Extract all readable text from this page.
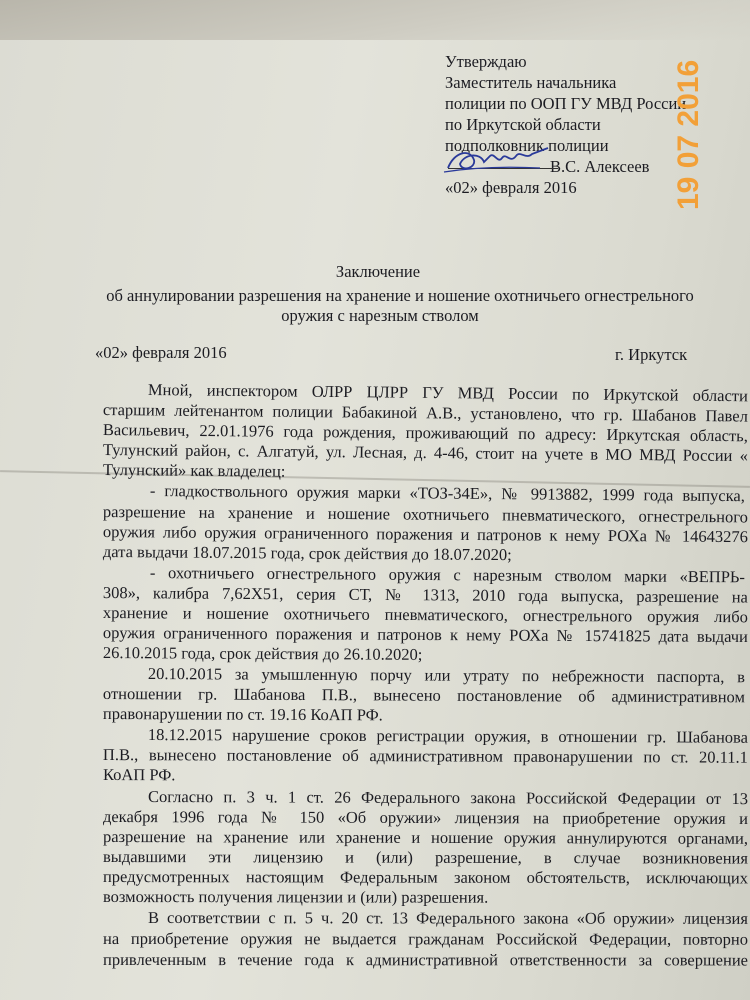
Утверждаю
Заместитель начальника
полиции по ООП ГУ МВД России
по Иркутской области
подполковник полиции
В.С. Алексеев
«02» февраля 2016	19 07 2016
Заключение
об аннулировании разрешения на хранение и ношение охотничьего огнестрельного
оружия с нарезным стволом
«02» февраля 2016	г. Иркутск
Мной, инспектором ОЛРР ЦЛРР ГУ МВД России по Иркутской области
старшим лейтенантом полиции Бабакиной А.В., установлено, что гр. Шабанов Павел
Васильевич, 22.01.1976 года рождения, проживающий по адресу: Иркутская область,
Тулунский район, с. Алгатуй, ул. Лесная, д. 4-46, стоит на учете в МО МВД России «
Тулунский» как владелец:
- гладкоствольного оружия марки «ТОЗ-34Е», № 9913882, 1999 года выпуска,
разрешение на хранение и ношение охотничьего пневматического, огнестрельного
оружия либо оружия ограниченного поражения и патронов к нему РОХа № 14643276
дата выдачи 18.07.2015 года, срок действия до 18.07.2020;
- охотничьего огнестрельного оружия с нарезным стволом марки «ВЕПРЬ-
308», калибра 7,62Х51, серия СТ, № 1313, 2010 года выпуска, разрешение на
хранение и ношение охотничьего пневматического, огнестрельного оружия либо
оружия ограниченного поражения и патронов к нему РОХа № 15741825 дата выдачи
26.10.2015 года, срок действия до 26.10.2020;
20.10.2015 за умышленную порчу или утрату по небрежности паспорта, в
отношении гр. Шабанова П.В., вынесено постановление об административном
правонарушении по ст. 19.16 КоАП РФ.
18.12.2015 нарушение сроков регистрации оружия, в отношении гр. Шабанова
П.В., вынесено постановление об административном правонарушении по ст. 20.11.1
КоАП РФ.
Согласно п. 3 ч. 1 ст. 26 Федерального закона Российской Федерации от 13
декабря 1996 года № 150 «Об оружии» лицензия на приобретение оружия и
разрешение на хранение или хранение и ношение оружия аннулируются органами,
выдавшими эти лицензию и (или) разрешение, в случае возникновения
предусмотренных настоящим Федеральным законом обстоятельств, исключающих
возможность получения лицензии и (или) разрешения.
В соответствии с п. 5 ч. 20 ст. 13 Федерального закона «Об оружии» лицензия
на приобретение оружия не выдается гражданам Российской Федерации, повторно
привлеченным в течение года к административной ответственности за совершение
